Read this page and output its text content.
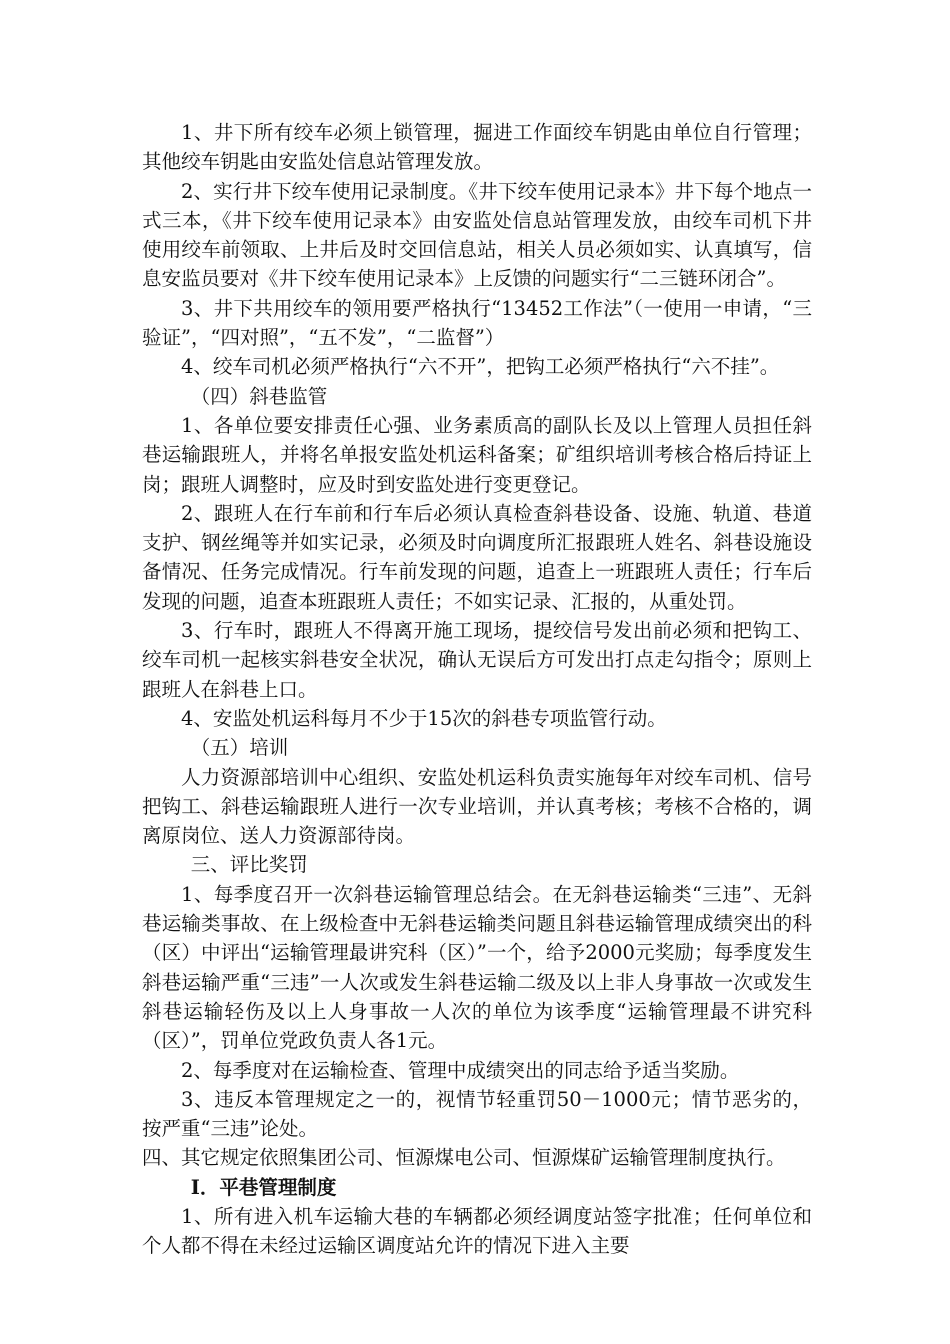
1、井下所有绞车必须上锁管理，掘进工作面绞车钥匙由单位自行管理；其他绞车钥匙由安监处信息站管理发放。

2、实行井下绞车使用记录制度。《井下绞车使用记录本》井下每个地点一式三本，《井下绞车使用记录本》由安监处信息站管理发放，由绞车司机下井使用绞车前领取、上井后及时交回信息站，相关人员必须如实、认真填写，信息安监员要对《井下绞车使用记录本》上反馈的问题实行“二三链环闭合”。

3、井下共用绞车的领用要严格执行“13452工作法”（一使用一申请，“三验证”，“四对照”，“五不发”，“二监督”）

4、绞车司机必须严格执行“六不开”，把钩工必须严格执行“六不挂”。

（四）斜巷监管

1、各单位要安排责任心强、业务素质高的副队长及以上管理人员担任斜巷运输跟班人，并将名单报安监处机运科备案；矿组织培训考核合格后持证上岗；跟班人调整时，应及时到安监处进行变更登记。

2、跟班人在行车前和行车后必须认真检查斜巷设备、设施、轨道、巷道支护、钢丝绳等并如实记录，必须及时向调度所汇报跟班人姓名、斜巷设施设备情况、任务完成情况。行车前发现的问题，追查上一班跟班人责任；行车后发现的问题，追查本班跟班人责任；不如实记录、汇报的，从重处罚。

3、行车时，跟班人不得离开施工现场，提绞信号发出前必须和把钩工、绞车司机一起核实斜巷安全状况，确认无误后方可发出打点走勾指令；原则上跟班人在斜巷上口。

4、安监处机运科每月不少于15次的斜巷专项监管行动。

（五）培训

人力资源部培训中心组织、安监处机运科负责实施每年对绞车司机、信号把钩工、斜巷运输跟班人进行一次专业培训，并认真考核；考核不合格的，调离原岗位、送人力资源部待岗。

三、评比奖罚

1、每季度召开一次斜巷运输管理总结会。在无斜巷运输类“三违”、无斜巷运输类事故、在上级检查中无斜巷运输类问题且斜巷运输管理成绩突出的科（区）中评出“运输管理最讲究科（区）”一个，给予2000元奖励；每季度发生斜巷运输严重“三违”一人次或发生斜巷运输二级及以上非人身事故一次或发生斜巷运输轻伤及以上人身事故一人次的单位为该季度“运输管理最不讲究科（区）”，罚单位党政负责人各1元。

2、每季度对在运输检查、管理中成绩突出的同志给予适当奖励。

3、违反本管理规定之一的，视情节轻重罚50－1000元；情节恶劣的，按严重“三违”论处。

四、其它规定依照集团公司、恒源煤电公司、恒源煤矿运输管理制度执行。

Ⅰ．平巷管理制度

1、所有进入机车运输大巷的车辆都必须经调度站签字批准；任何单位和个人都不得在未经过运输区调度站允许的情况下进入主要
